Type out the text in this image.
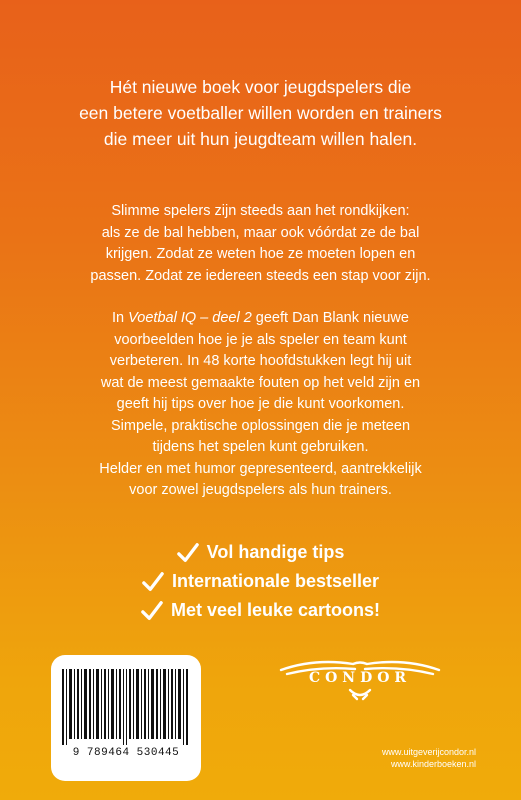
Hét nieuwe boek voor jeugdspelers die
een betere voetballer willen worden en trainers
die meer uit hun jeugdteam willen halen.

Slimme spelers zijn steeds aan het rondkijken:
als ze de bal hebben, maar ook vóórdat ze de bal
krijgen. Zodat ze weten hoe ze moeten lopen en
passen. Zodat ze iedereen steeds een stap voor zijn.

In Voetbal IQ – deel 2 geeft Dan Blank nieuwe
voorbeelden hoe je je als speler en team kunt
verbeteren. In 48 korte hoofdstukken legt hij uit
wat de meest gemaakte fouten op het veld zijn en
geeft hij tips over hoe je die kunt voorkomen.
Simpele, praktische oplossingen die je meteen
tijdens het spelen kunt gebruiken.
Helder en met humor gepresenteerd, aantrekkelijk
voor zowel jeugdspelers als hun trainers.

Vol handige tips
Internationale bestseller
Met veel leuke cartoons!
9 789464 530445
CONDOR
www.uitgeverijcondor.nl
www.kinderboeken.nl
